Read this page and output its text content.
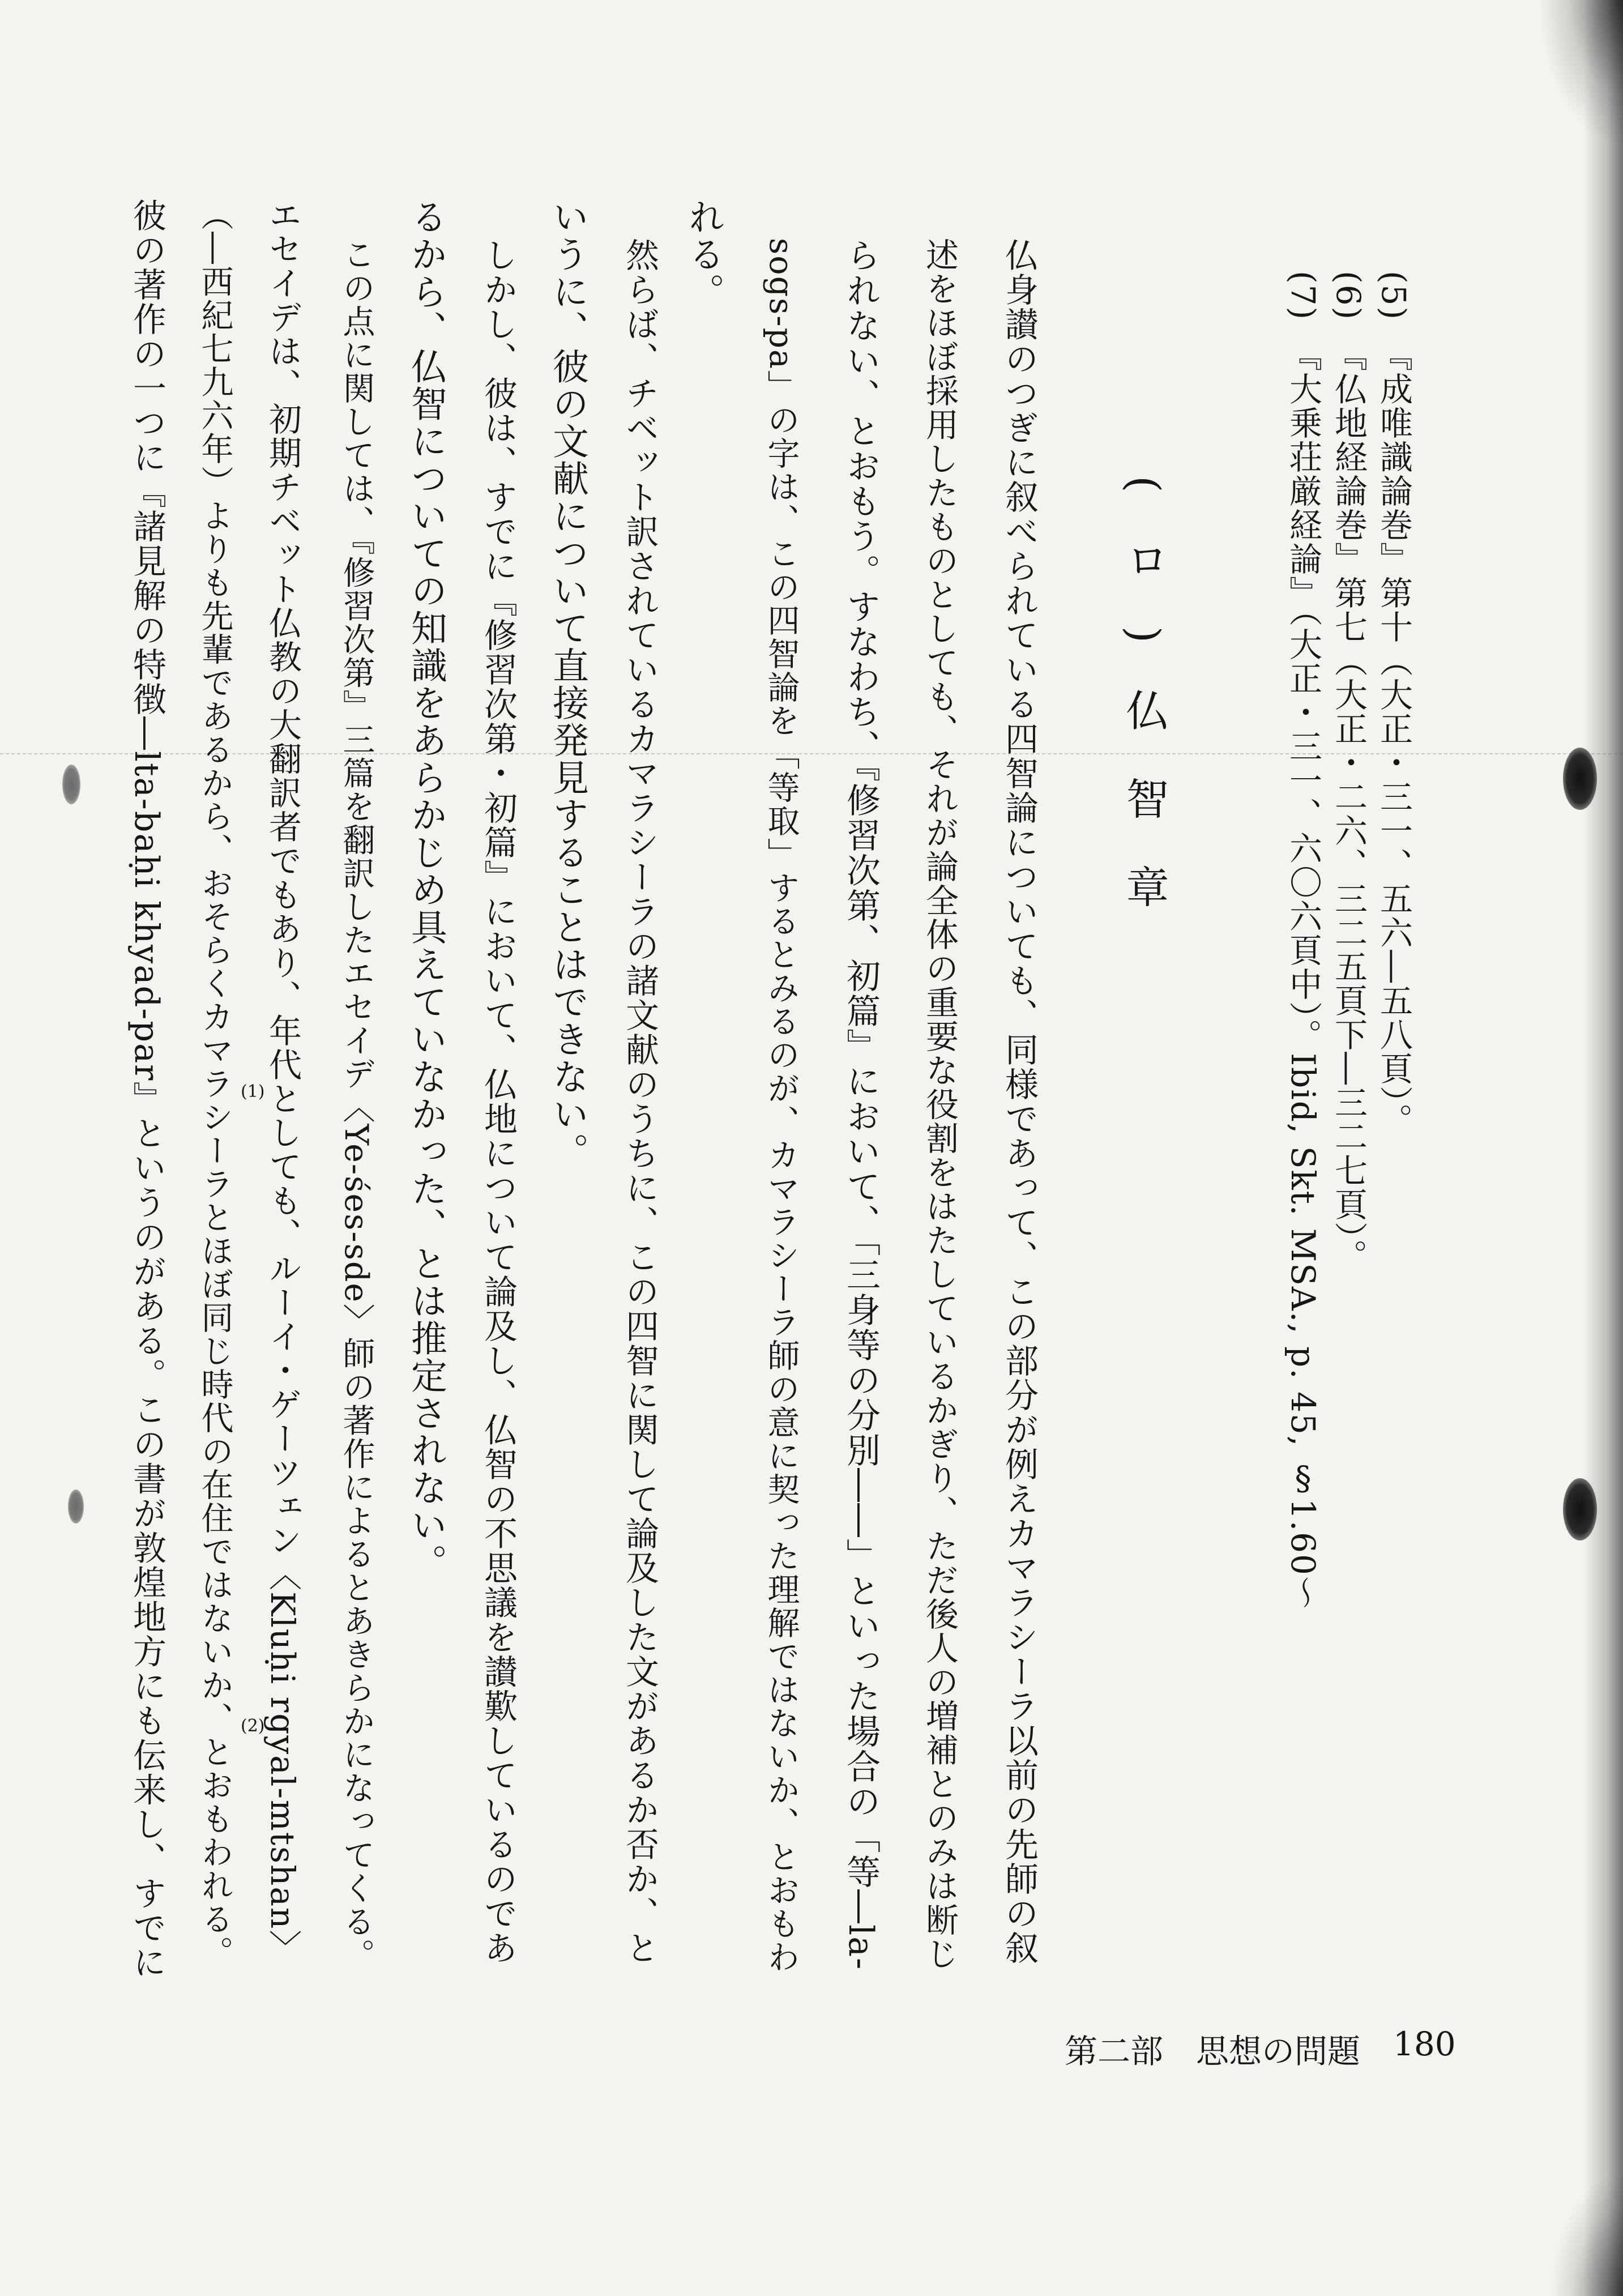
(5)　『成唯識論巻』第十（大正・三一、五六―五八頁）。
(6)　『仏地経論巻』第七（大正・二六、三二五頁下―三二七頁）。
(7)　『大乗荘厳経論』（大正・三一、六〇六頁中）。Ibid, Skt. MSA., p. 45, §1.60～
(ロ)仏智章
仏身讃のつぎに叙べられている四智論についても、同様であって、この部分が例えカマラシーラ以前の先師の叙
述をほぼ採用したものとしても、それが論全体の重要な役割をはたしているかぎり、ただ後人の増補とのみは断じ
られない、とおもう。すなわち、『修習次第、初篇』において、「三身等の分別――」といった場合の「等―la-
sogs-pa」の字は、この四智論を「等取」するとみるのが、カマラシーラ師の意に契った理解ではないか、とおもわ
れる。
然らば、チベット訳されているカマラシーラの諸文献のうちに、この四智に関して論及した文があるか否か、と
いうに、彼の文献について直接発見することはできない。
しかし、彼は、すでに『修習次第・初篇』において、仏地について論及し、仏智の不思議を讃歎しているのであ
るから、仏智についての知識をあらかじめ具えていなかった、とは推定されない。
この点に関しては、『修習次第』三篇を翻訳したエセイデ〈Ye-śes-sde〉師の著作によるとあきらかになってくる。
エセイデは、初期チベット仏教の大翻訳者でもあり、年代としても、ルーイ・ゲーツェン〈Kluḥi rgyal-mtshan〉
（―西紀七九六年）よりも先輩であるから、おそらくカマラシーラとほぼ同じ時代の在住ではないか、とおもわれる。
彼の著作の一つに『諸見解の特徴―lta-baḥi khyad-par』というのがある。この書が敦煌地方にも伝来し、すでに	(1)
(2)
第二部　思想の問題 180
